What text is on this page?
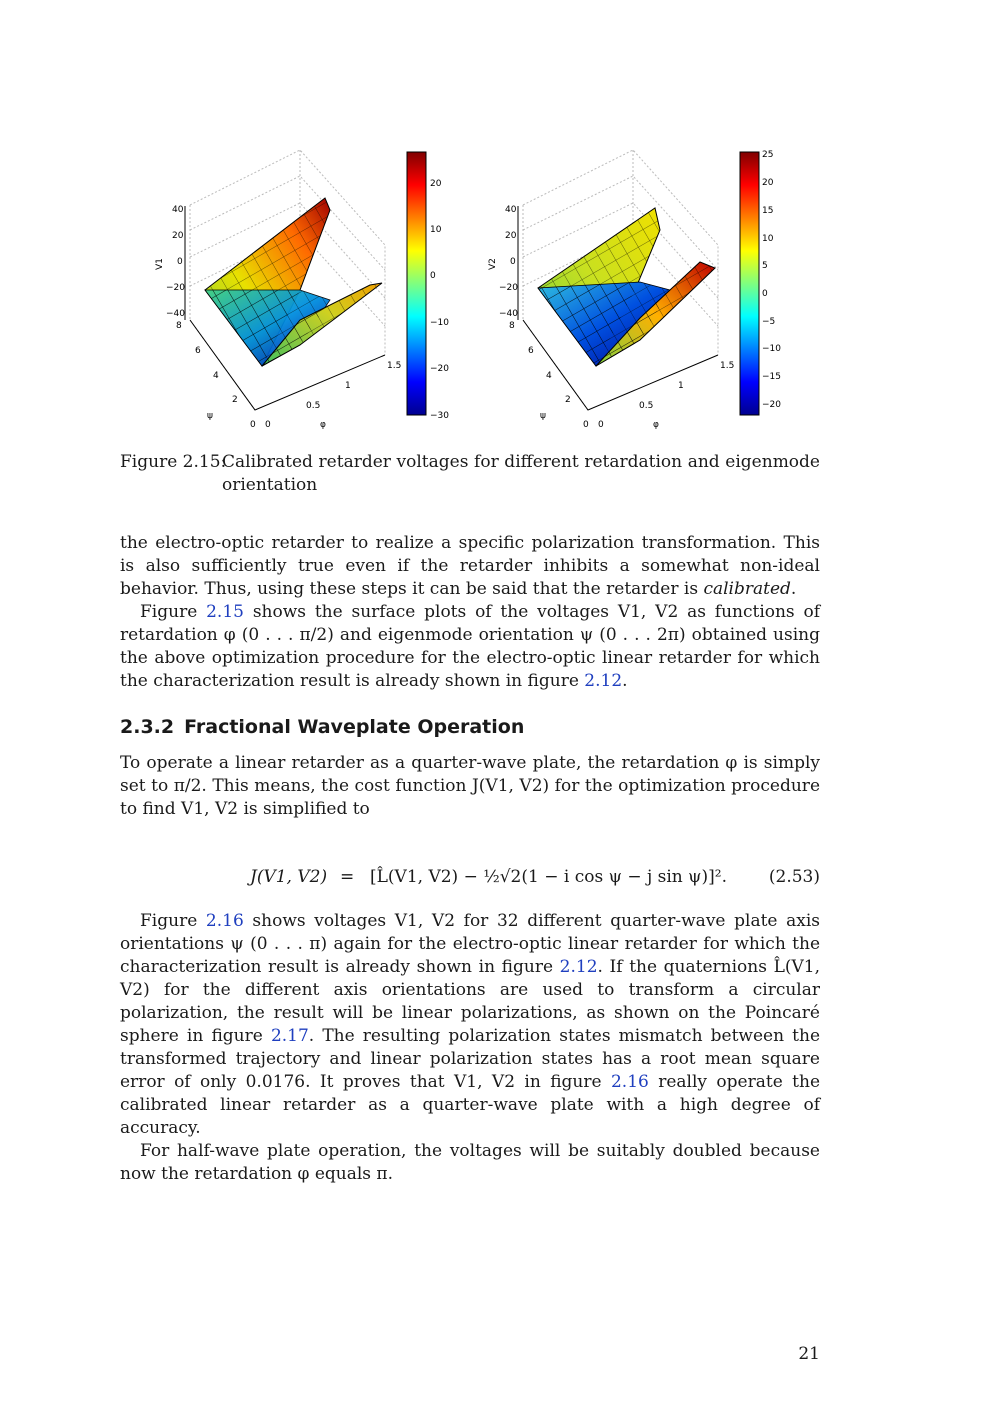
40
20
0
−20
−40
V1
8
6
4
2
0
ψ
0
0.5
1
1.5
φ
20
10
0
−10
−20
−30
40
20
0
−20
−40
V2
8
6
4
2
0
ψ
0
0.5
1
1.5
φ
25
20
15
10
5
0
−5
−10
−15
−20
Figure 2.15:
Calibrated retarder voltages for different retardation and eigenmode
orientation

the electro-optic retarder to realize a specific polarization transformation. This is also sufficiently true even if the retarder inhibits a somewhat non-ideal behavior. Thus, using these steps it can be said that the retarder is calibrated.

Figure 2.15 shows the surface plots of the voltages V1, V2 as functions of retardation φ (0 . . . π/2) and eigenmode orientation ψ (0 . . . 2π) obtained using the above optimization procedure for the electro-optic linear retarder for which the characterization result is already shown in figure 2.12.

2.3.2 Fractional Waveplate Operation

To operate a linear retarder as a quarter-wave plate, the retardation φ is simply set to π/2. This means, the cost function J(V1, V2) for the optimization procedure to find V1, V2 is simplified to

J(V1, V2) = [L̂(V1, V2) − ½√2(1 − i cos ψ − j sin ψ)]². (2.53)

Figure 2.16 shows voltages V1, V2 for 32 different quarter-wave plate axis orientations ψ (0 . . . π) again for the electro-optic linear retarder for which the characterization result is already shown in figure 2.12. If the quaternions L̂(V1, V2) for the different axis orientations are used to transform a circular polarization, the result will be linear polarizations, as shown on the Poincaré sphere in figure 2.17. The resulting polarization states mismatch between the transformed trajectory and linear polarization states has a root mean square error of only 0.0176. It proves that V1, V2 in figure 2.16 really operate the calibrated linear retarder as a quarter-wave plate with a high degree of accuracy.

For half-wave plate operation, the voltages will be suitably doubled because now the retardation φ equals π.

21
